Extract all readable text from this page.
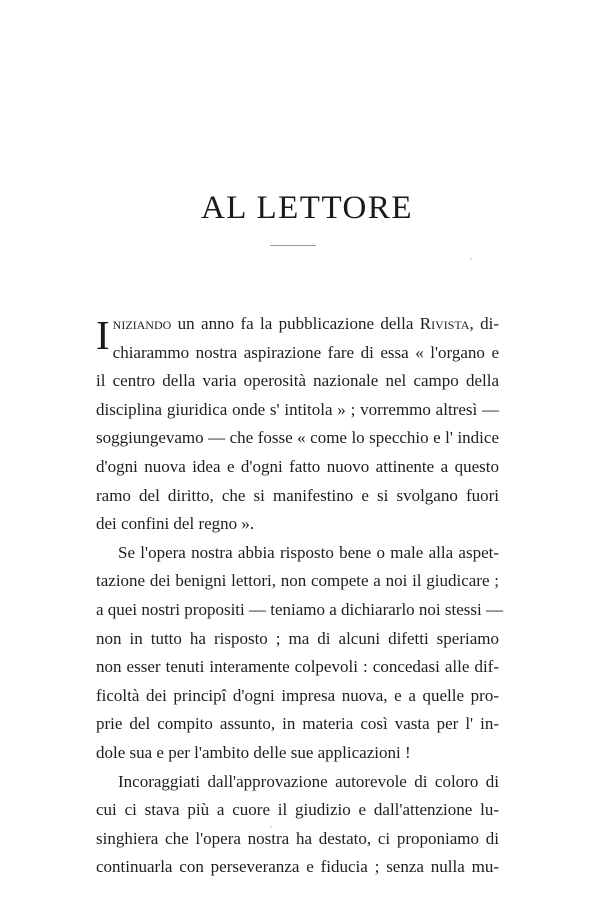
AL LETTORE
I niziando un anno fa la pubblicazione della Rivista, di-
chiarammo nostra aspirazione fare di essa « l'organo e
il centro della varia operosità nazionale nel campo della
disciplina giuridica onde s' intitola » ; vorremmo altresì —
soggiungevamo — che fosse « come lo specchio e l' indice
d'ogni nuova idea e d'ogni fatto nuovo attinente a questo
ramo del diritto, che si manifestino e si svolgano fuori
dei confini del regno ».
Se l'opera nostra abbia risposto bene o male alla aspet-
tazione dei benigni lettori, non compete a noi il giudicare ;
a quei nostri propositi — teniamo a dichiararlo noi stessi —
non in tutto ha risposto ; ma di alcuni difetti speriamo
non esser tenuti interamente colpevoli : concedasi alle dif-
ficoltà dei principî d'ogni impresa nuova, e a quelle pro-
prie del compito assunto, in materia così vasta per l' in-
dole sua e per l'ambito delle sue applicazioni !
Incoraggiati dall'approvazione autorevole di coloro di
cui ci stava più a cuore il giudizio e dall'attenzione lu-
singhiera che l'opera nostra ha destato, ci proponiamo di
continuarla con perseveranza e fiducia ; senza nulla mu-
